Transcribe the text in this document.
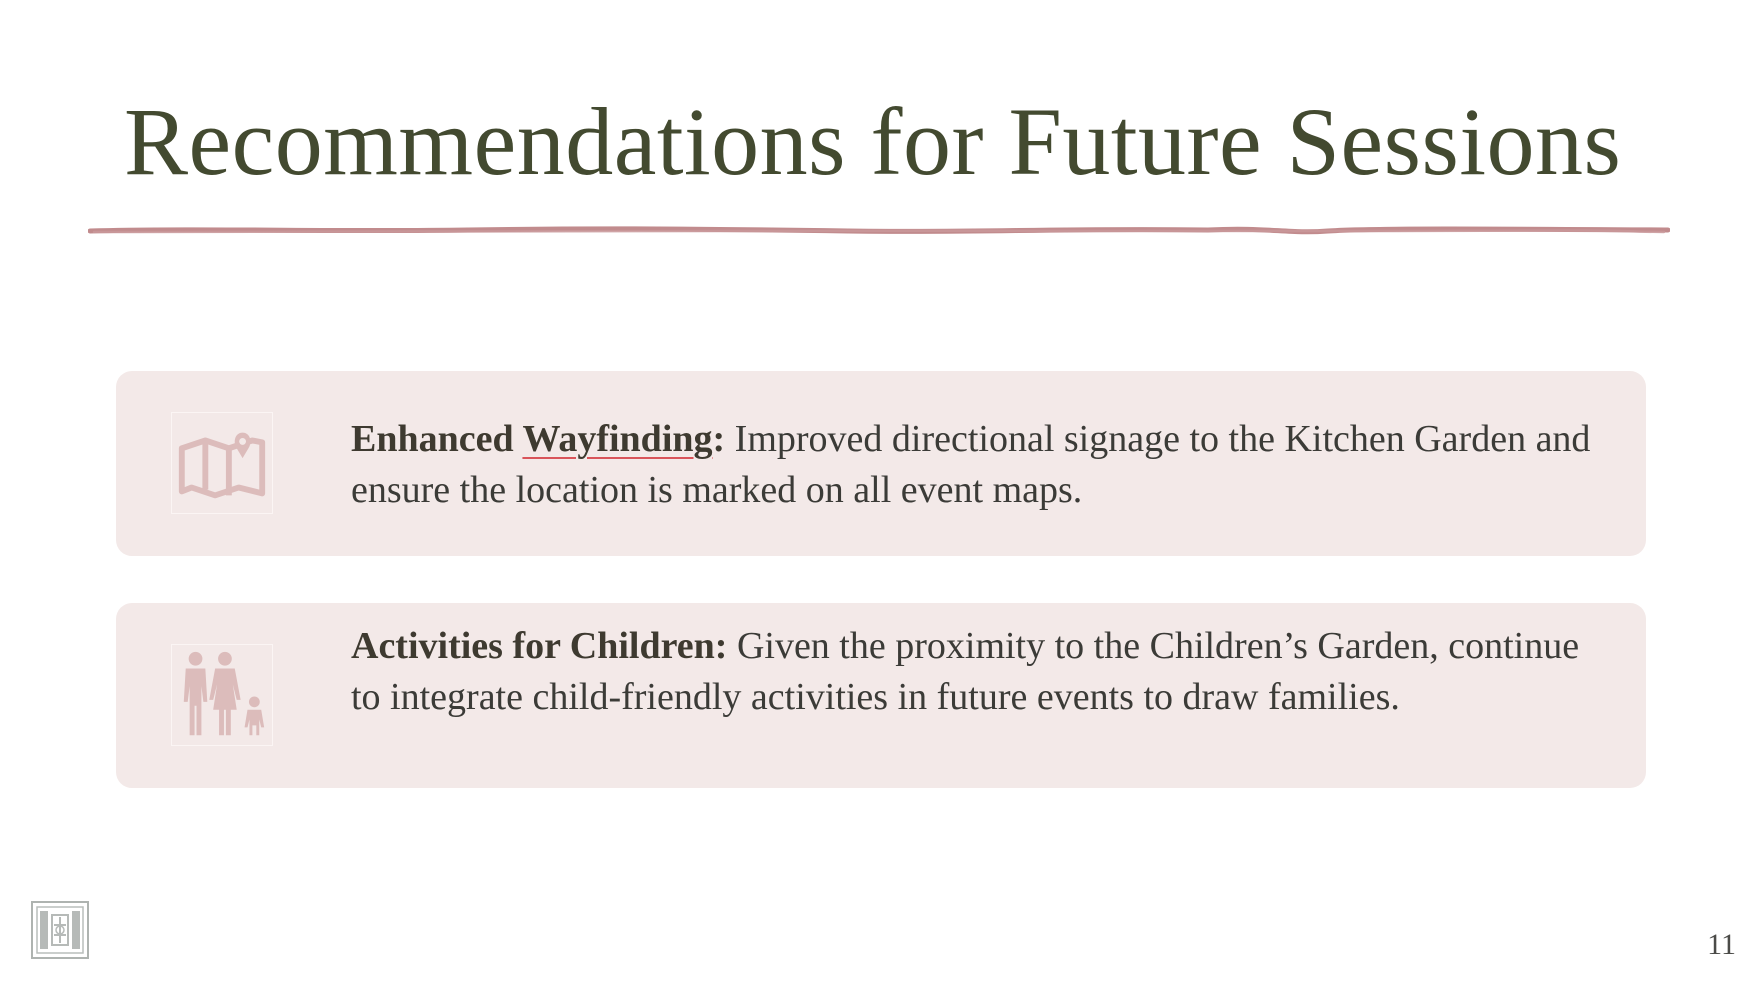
Recommendations for Future Sessions
Enhanced Wayfinding: Improved directional signage to the Kitchen Garden and ensure the location is marked on all event maps.
Activities for Children: Given the proximity to the Children’s Garden, continue to integrate child-friendly activities in future events to draw families.
11
